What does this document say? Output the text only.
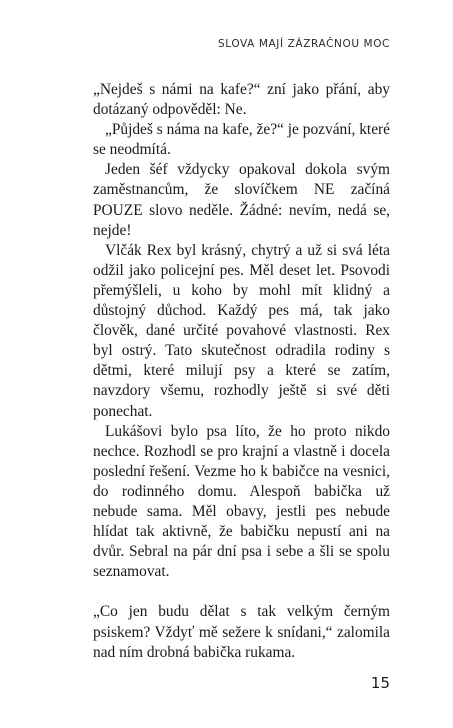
SLOVA MAJÍ ZÁZRAČNOU MOC

„Nejdeš s námi na kafe?“ zní jako přání, aby dotázaný odpověděl: Ne.

„Půjdeš s náma na kafe, že?“ je pozvání, které se neodmítá.

Jeden šéf vždycky opakoval dokola svým zaměstnancům, že slovíčkem NE začíná POUZE slovo neděle. Žádné: nevím, nedá se, nejde!

Vlčák Rex byl krásný, chytrý a už si svá léta odžil jako policejní pes. Měl deset let. Psovodi přemýšleli, u koho by mohl mít klidný a důstojný důchod. Každý pes má, tak jako člověk, dané určité povahové vlastnosti. Rex byl ostrý. Tato skutečnost odradila rodiny s dětmi, které milují psy a které se zatím, navzdory všemu, rozhodly ještě si své děti ponechat.

Lukášovi bylo psa líto, že ho proto nikdo nechce. Rozhodl se pro krajní a vlastně i docela poslední řešení. Vezme ho k babičce na vesnici, do rodinného domu. Alespoň babička už nebude sama. Měl obavy, jestli pes nebude hlídat tak aktivně, že babičku nepustí ani na dvůr. Sebral na pár dní psa i sebe a šli se spolu seznamovat.

„Co jen budu dělat s tak velkým černým psiskem? Vždyť mě sežere k snídani,“ zalomila nad ním drobná babička rukama.

15
